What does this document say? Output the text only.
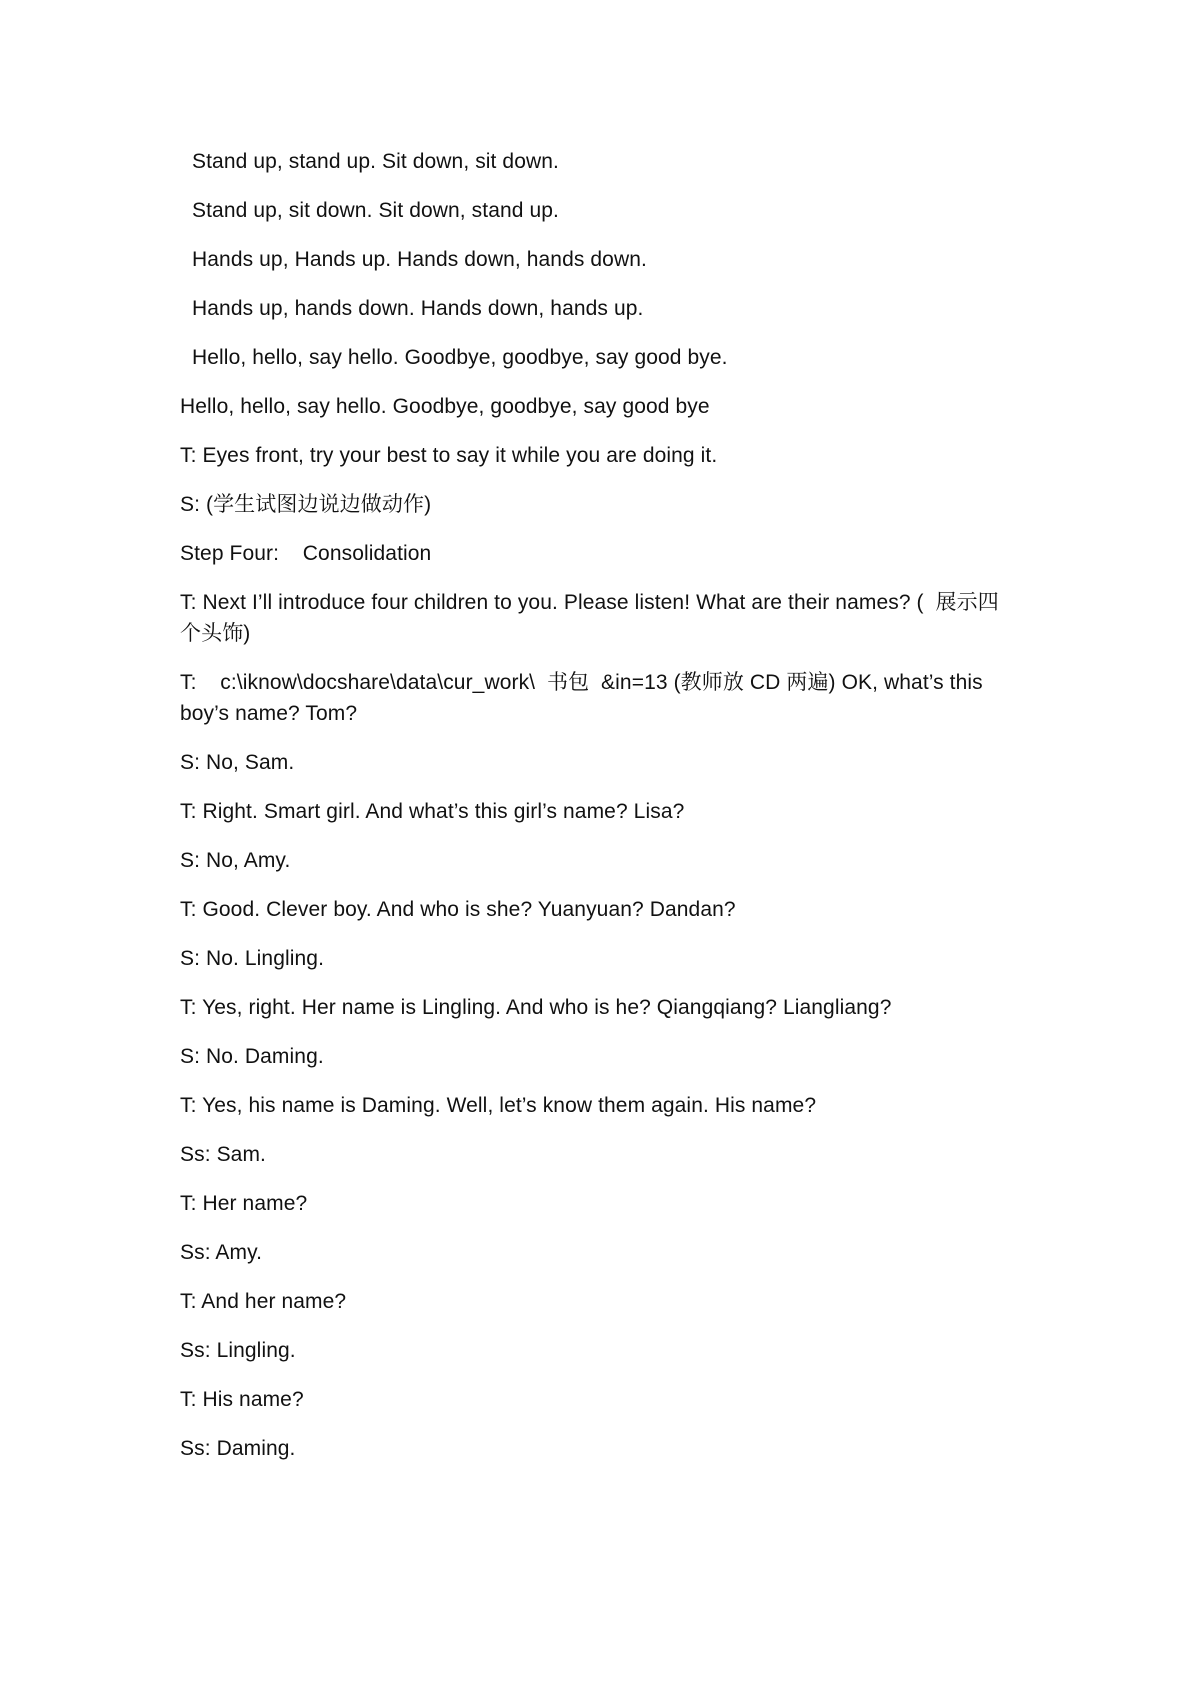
Stand up, stand up. Sit down, sit down.
Stand up, sit down. Sit down, stand up.
Hands up, Hands up. Hands down, hands down.
Hands up, hands down. Hands down, hands up.
Hello, hello, say hello. Goodbye, goodbye, say good bye.
Hello, hello, say hello. Goodbye, goodbye, say good bye
T: Eyes front, try your best to say it while you are doing it.
S: (学生试图边说边做动作)
Step Four:    Consolidation
T: Next I’ll introduce four children to you. Please listen! What are their names? (  展示四个头饰)
T:    c:\iknow\docshare\data\cur_work\  书包  &in=13 (教师放 CD 两遍) OK, what’s this boy’s name? Tom?
S: No, Sam.
T: Right. Smart girl. And what’s this girl’s name? Lisa?
S: No, Amy.
T: Good. Clever boy. And who is she? Yuanyuan? Dandan?
S: No. Lingling.
T: Yes, right. Her name is Lingling. And who is he? Qiangqiang? Liangliang?
S: No. Daming.
T: Yes, his name is Daming. Well, let’s know them again. His name?
Ss: Sam.
T: Her name?
Ss: Amy.
T: And her name?
Ss: Lingling.
T: His name?
Ss: Daming.
